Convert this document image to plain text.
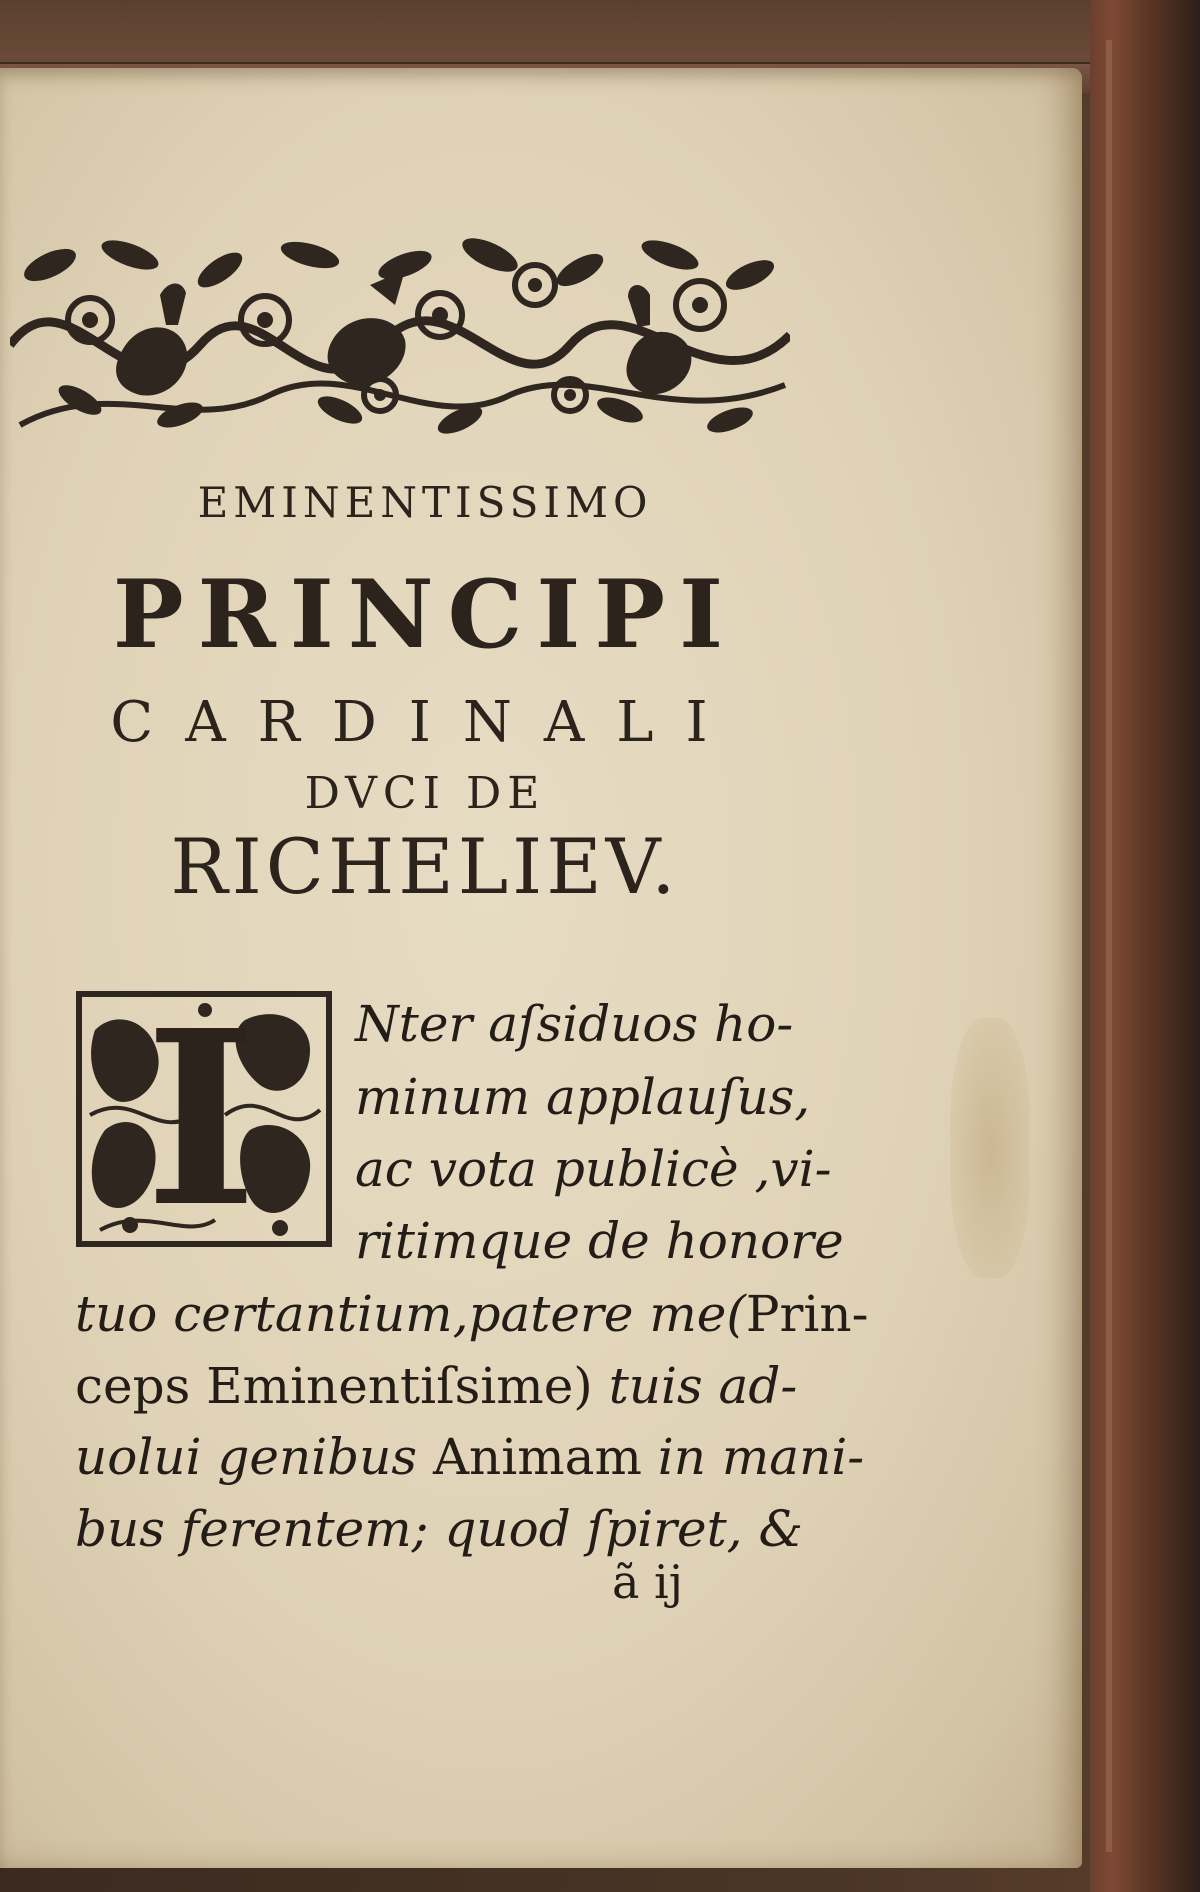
EMINENTISSIMO
PRINCIPI
CARDINALI
DVCI DE
RICHELIEV.
I Nter aſsiduos ho-
minum applauſus,
ac vota publicè ,vi-
ritimque de honore
tuo certantium,patere me(Prin-
ceps Eminentiſsime) tuis ad-
uolui genibus Animam in mani-
bus ferentem; quod ſpiret, &
ã ij
